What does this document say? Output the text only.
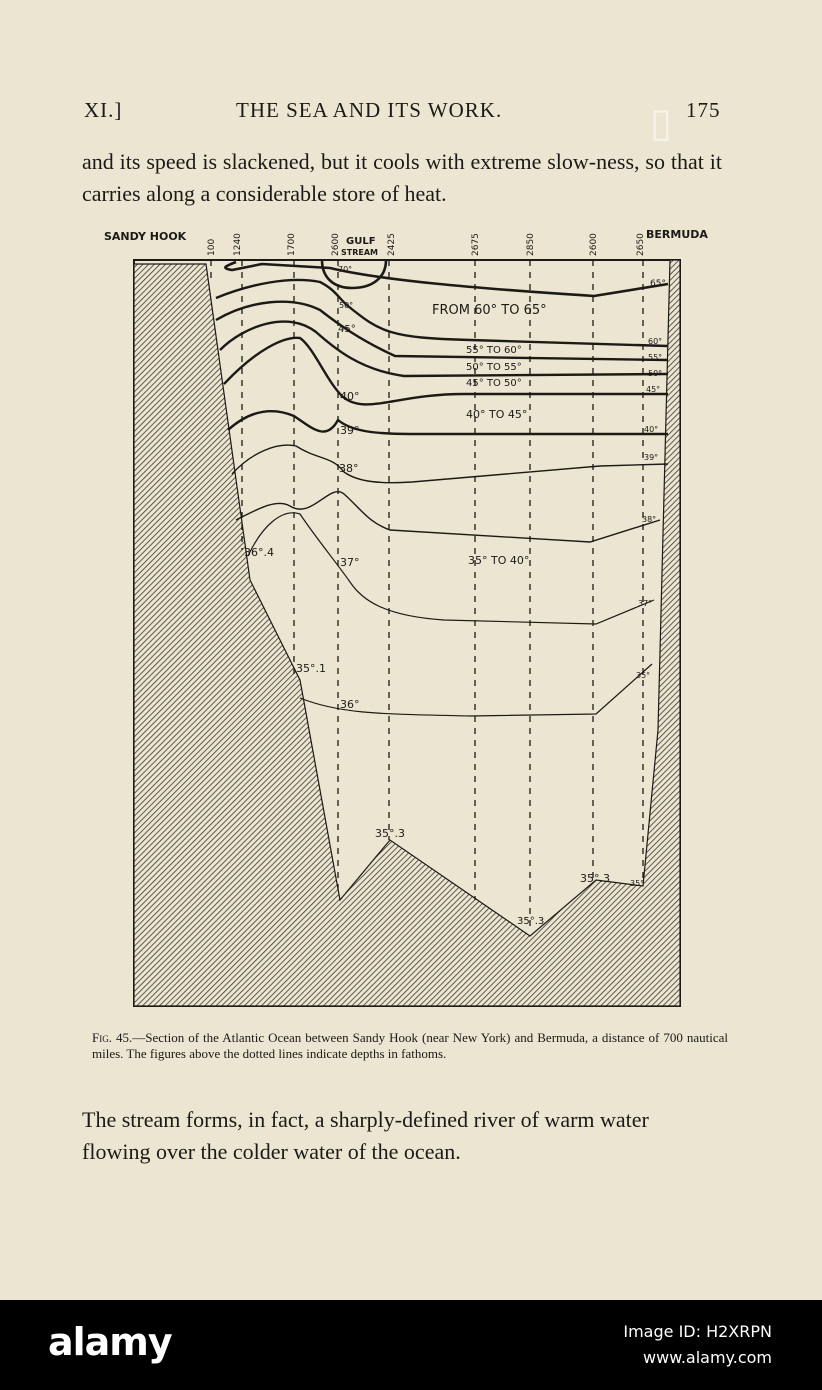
XI.]	THE SEA AND ITS WORK.	175
and its speed is slackened, but it cools with extreme slow-ness, so that it carries along a considerable store of heat.
SANDY HOOK	BERMUDA
GULF
STREAM
100 1240	1700	2600	2425	2675	2850	2600	2650
FROM 60° TO 65°
55° TO 60°
50° TO 55°
45° TO 50°
40° TO 45°
35° TO 40°
70°
50°
45°
40°
39°
38°
37°
36°
36°.4
35°.1
35°.3
35°.3
35°.3
65°
60°
55°
50°
45°
40°
39°
38°
37°
35°
35°
Fig. 45.—Section of the Atlantic Ocean between Sandy Hook (near New York) and Bermuda, a distance of 700 nautical miles. The figures above the dotted lines indicate depths in fathoms.
The stream forms, in fact, a sharply-defined river of warm water flowing over the colder water of the ocean.
▯
alamy	Image ID: H2XRPN
www.alamy.com
